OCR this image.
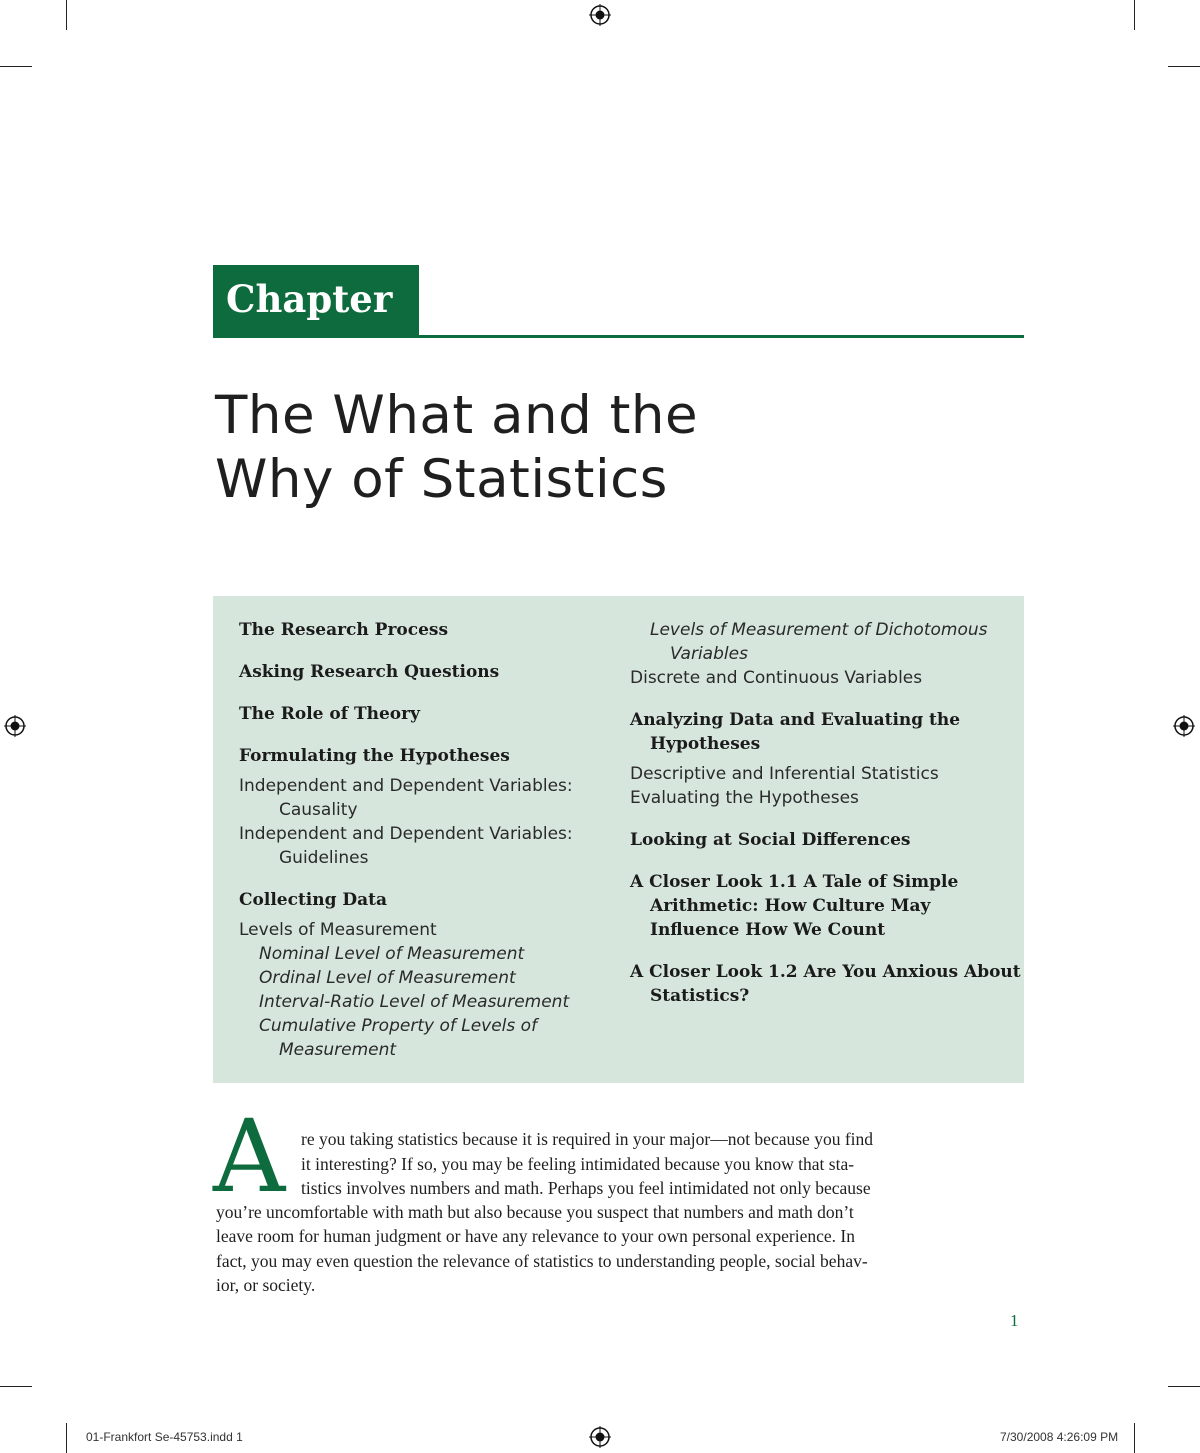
Chapter 1
The What and the
Why of Statistics
The Research Process
Asking Research Questions
The Role of Theory
Formulating the Hypotheses
Independent and Dependent Variables:
Causality
Independent and Dependent Variables:
Guidelines
Collecting Data
Levels of Measurement
Nominal Level of Measurement
Ordinal Level of Measurement
Interval-Ratio Level of Measurement
Cumulative Property of Levels of
Measurement
Levels of Measurement of Dichotomous
Variables
Discrete and Continuous Variables
Analyzing Data and Evaluating the
Hypotheses
Descriptive and Inferential Statistics
Evaluating the Hypotheses
Looking at Social Differences
A Closer Look 1.1 A Tale of Simple
Arithmetic: How Culture May
Influence How We Count
A Closer Look 1.2 Are You Anxious About
Statistics?
A re you taking statistics because it is required in your major—not because you find
it interesting? If so, you may be feeling intimidated because you know that sta-
tistics involves numbers and math. Perhaps you feel intimidated not only because
you’re uncomfortable with math but also because you suspect that numbers and math don’t
leave room for human judgment or have any relevance to your own personal experience. In
fact, you may even question the relevance of statistics to understanding people, social behav-
ior, or society.
1
01-Frankfort Se-45753.indd 1	7/30/2008 4:26:09 PM
